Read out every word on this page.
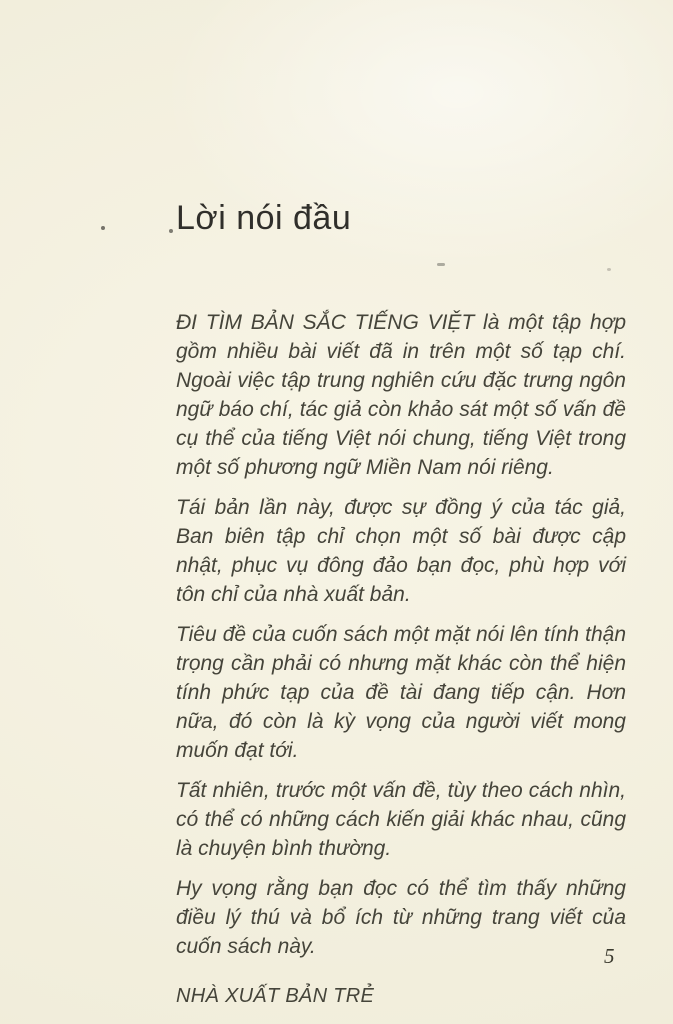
Lời nói đầu

ĐI TÌM BẢN SẮC TIẾNG VIỆT là một tập hợp gồm nhiều bài viết đã in trên một số tạp chí. Ngoài việc tập trung nghiên cứu đặc trưng ngôn ngữ báo chí, tác giả còn khảo sát một số vấn đề cụ thể của tiếng Việt nói chung, tiếng Việt trong một số phương ngữ Miền Nam nói riêng.

Tái bản lần này, được sự đồng ý của tác giả, Ban biên tập chỉ chọn một số bài được cập nhật, phục vụ đông đảo bạn đọc, phù hợp với tôn chỉ của nhà xuất bản.

Tiêu đề của cuốn sách một mặt nói lên tính thận trọng cần phải có nhưng mặt khác còn thể hiện tính phức tạp của đề tài đang tiếp cận. Hơn nữa, đó còn là kỳ vọng của người viết mong muốn đạt tới.

Tất nhiên, trước một vấn đề, tùy theo cách nhìn, có thể có những cách kiến giải khác nhau, cũng là chuyện bình thường.

Hy vọng rằng bạn đọc có thể tìm thấy những điều lý thú và bổ ích từ những trang viết của cuốn sách này.

NHÀ XUẤT BẢN TRẺ
5
